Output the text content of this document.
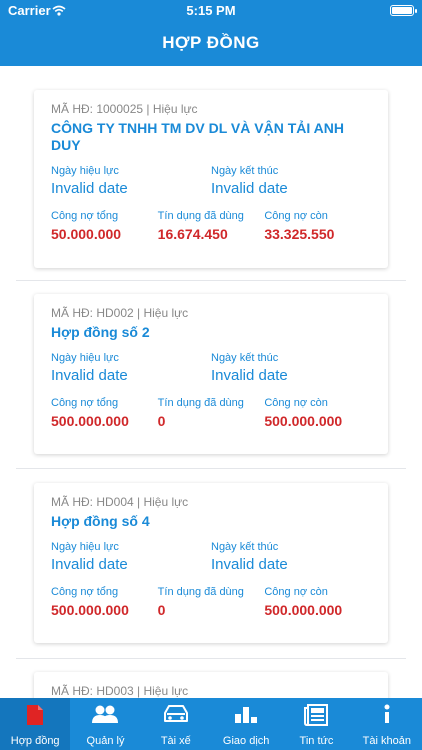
Carrier	5:15 PM
HỢP ĐỒNG
MÃ HĐ: 1000025 | Hiệu lực
CÔNG TY TNHH TM DV DL VÀ VẬN TẢI ANH DUY
Ngày hiệu lực
Invalid date
Ngày kết thúc
Invalid date
Công nợ tổng
50.000.000
Tín dụng đã dùng
16.674.450
Công nợ còn
33.325.550
MÃ HĐ: HD002 | Hiệu lực
Hợp đồng số 2
Ngày hiệu lực
Invalid date
Ngày kết thúc
Invalid date
Công nợ tổng
500.000.000
Tín dụng đã dùng
0
Công nợ còn
500.000.000
MÃ HĐ: HD004 | Hiệu lực
Hợp đồng số 4
Ngày hiệu lực
Invalid date
Ngày kết thúc
Invalid date
Công nợ tổng
500.000.000
Tín dụng đã dùng
0
Công nợ còn
500.000.000
MÃ HĐ: HD003 | Hiệu lực
Hợp đồng	Quản lý	Tài xế	Giao dịch	Tin tức	Tài khoản
